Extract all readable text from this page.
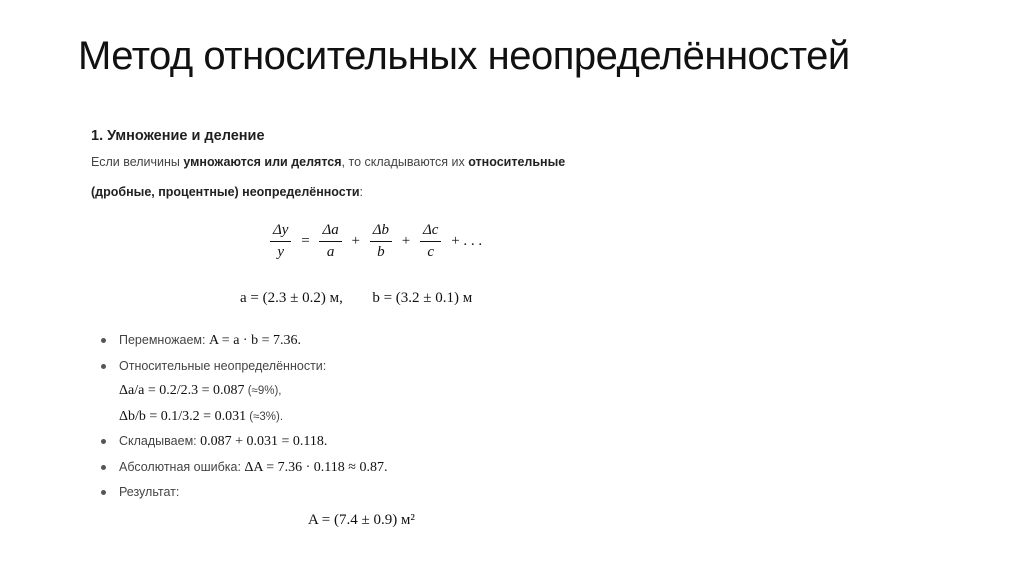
Метод относительных неопределённостей
1. Умножение и деление
Если величины умножаются или делятся, то складываются их относительные
(дробные, процентные) неопределённости:
$\frac{\Delta y}{y} = \frac{\Delta a}{a} + \frac{\Delta b}{b} + \frac{\Delta c}{c}$ + . . .
a = (2.3 ± 0.2) м, b = (3.2 ± 0.1) м
Перемножаем: A = a · b = 7.36.
Относительные неопределённости:
Δa/a = 0.2/2.3 = 0.087 (≈9%),
Δb/b = 0.1/3.2 = 0.031 (≈3%).
Складываем: 0.087 + 0.031 = 0.118.
Абсолютная ошибка: ΔA = 7.36 · 0.118 ≈ 0.87.
Результат:
A = (7.4 ± 0.9) м²
